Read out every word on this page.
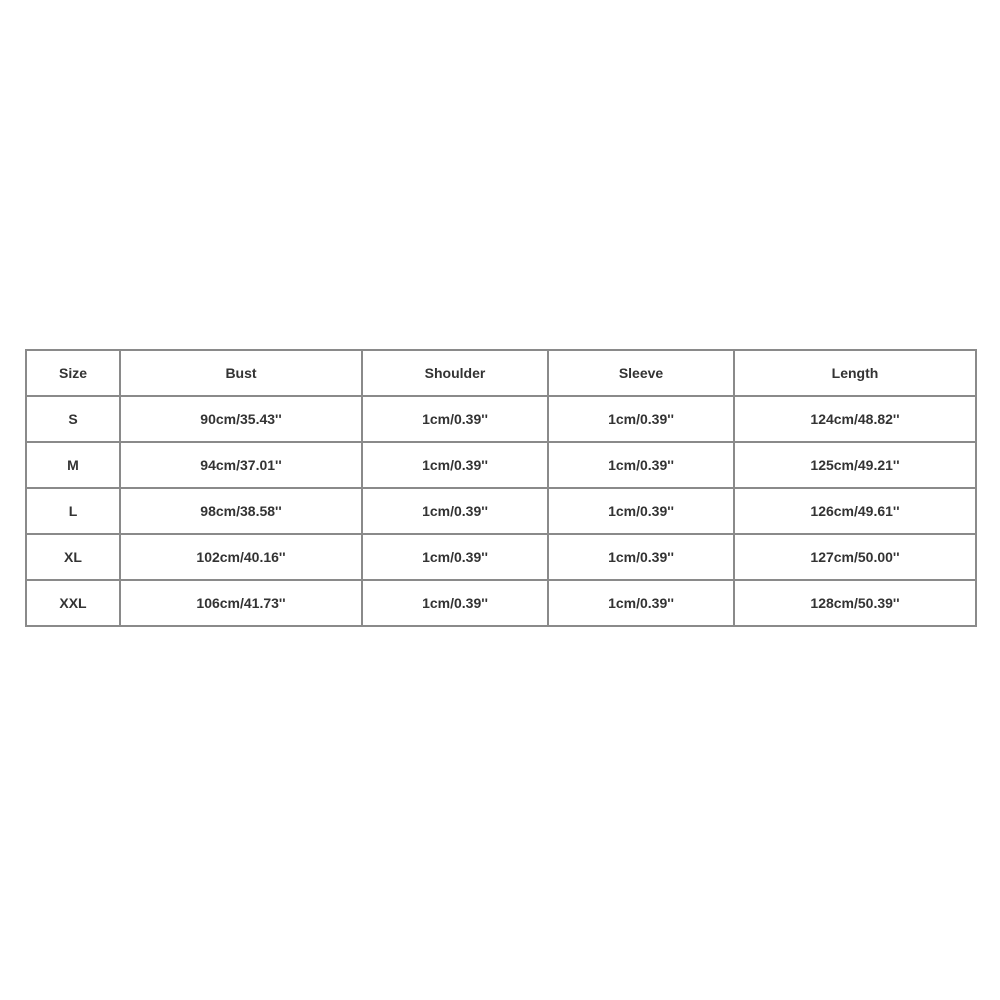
Size	Bust	Shoulder	Sleeve	Length
S	90cm/35.43''	1cm/0.39''	1cm/0.39''	124cm/48.82''
M	94cm/37.01''	1cm/0.39''	1cm/0.39''	125cm/49.21''
L	98cm/38.58''	1cm/0.39''	1cm/0.39''	126cm/49.61''
XL	102cm/40.16''	1cm/0.39''	1cm/0.39''	127cm/50.00''
XXL	106cm/41.73''	1cm/0.39''	1cm/0.39''	128cm/50.39''
